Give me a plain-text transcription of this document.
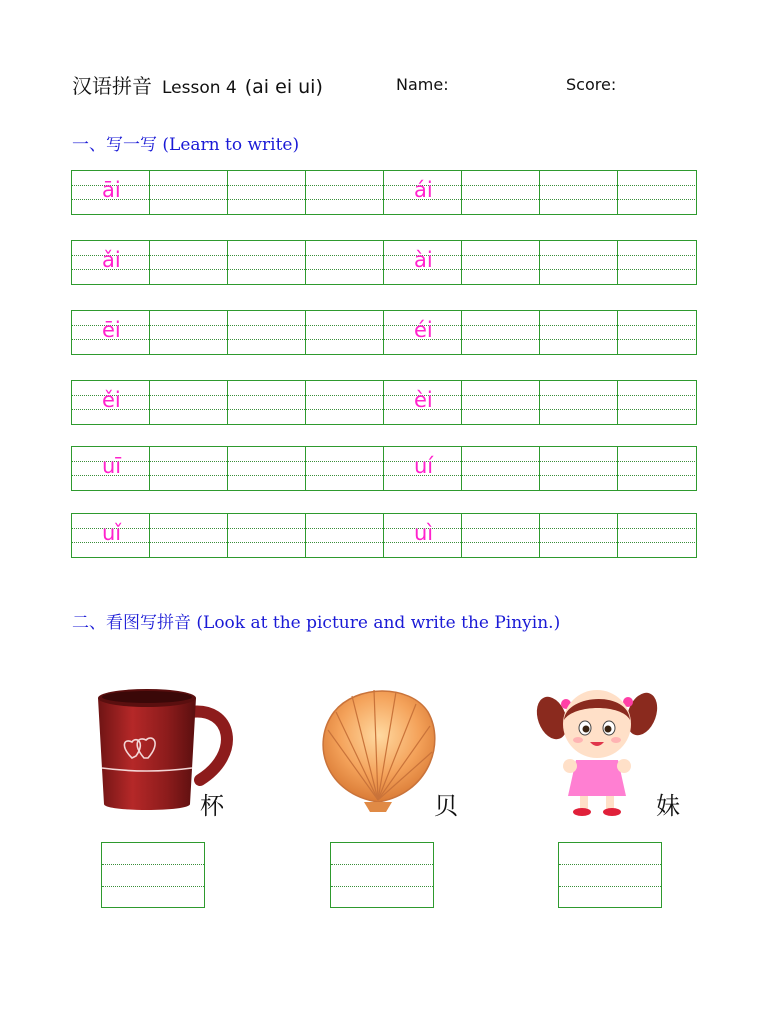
汉语拼音 Lesson 4 (ai ei ui)	Name:	Score:
一、写一写 (Learn to write)
āi	ái
ǎi	ài
ēi	éi
ěi	èi
uī	uí
uǐ	uì
二、看图写拼音 (Look at the picture and write the Pinyin.)
杯	贝	妹
